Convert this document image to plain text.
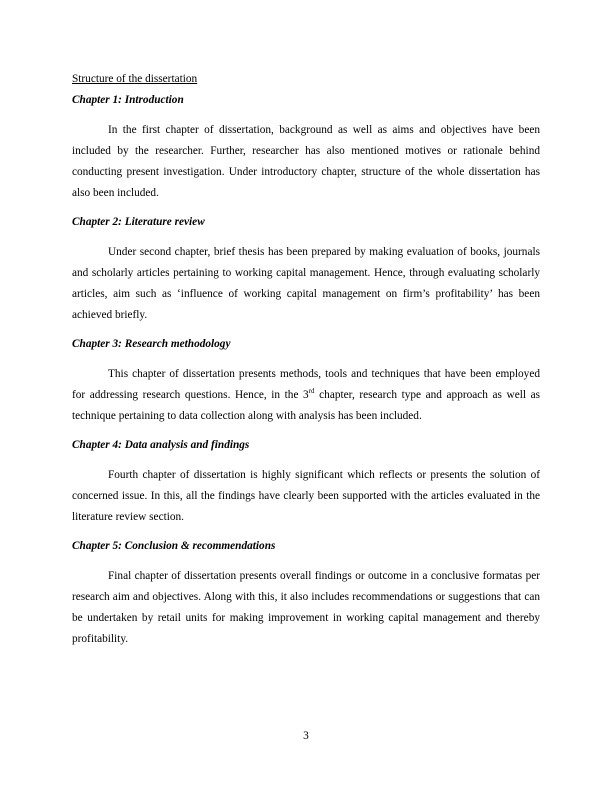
Structure of the dissertation

Chapter 1: Introduction

In the first chapter of dissertation, background as well as aims and objectives have been included by the researcher. Further, researcher has also mentioned motives or rationale behind conducting present investigation. Under introductory chapter, structure of the whole dissertation has also been included.

Chapter 2: Literature review

Under second chapter, brief thesis has been prepared by making evaluation of books, journals and scholarly articles pertaining to working capital management. Hence, through evaluating scholarly articles, aim such as ‘influence of working capital management on firm’s profitability’ has been achieved briefly.

Chapter 3: Research methodology

This chapter of dissertation presents methods, tools and techniques that have been employed for addressing research questions. Hence, in the 3rd chapter, research type and approach as well as technique pertaining to data collection along with analysis has been included.

Chapter 4: Data analysis and findings

Fourth chapter of dissertation is highly significant which reflects or presents the solution of concerned issue. In this, all the findings have clearly been supported with the articles evaluated in the literature review section.

Chapter 5: Conclusion & recommendations

Final chapter of dissertation presents overall findings or outcome in a conclusive formatas per research aim and objectives. Along with this, it also includes recommendations or suggestions that can be undertaken by retail units for making improvement in working capital management and thereby profitability.

3
